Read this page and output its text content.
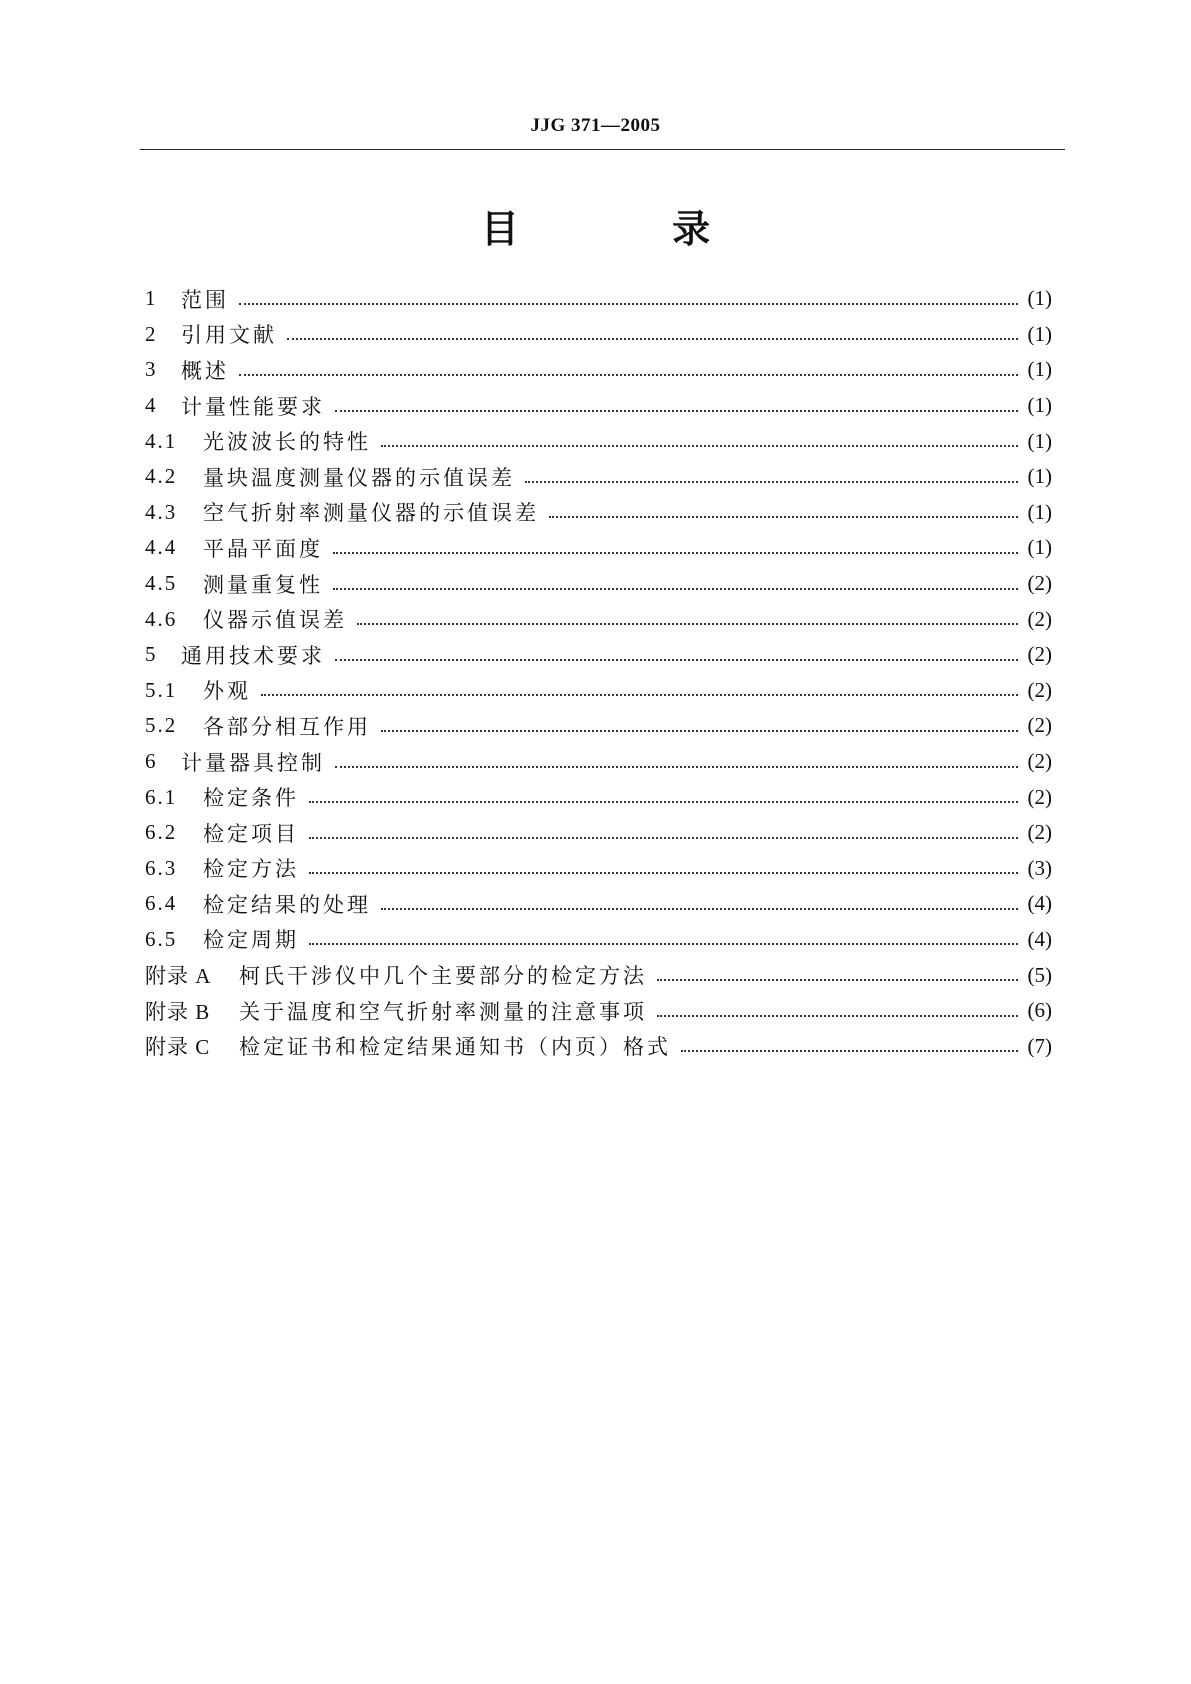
JJG 371—2005
目 录
1	范围	(1)
2	引用文献	(1)
3	概述	(1)
4	计量性能要求	(1)
4.1	光波波长的特性	(1)
4.2	量块温度测量仪器的示值误差	(1)
4.3	空气折射率测量仪器的示值误差	(1)
4.4	平晶平面度	(1)
4.5	测量重复性	(2)
4.6	仪器示值误差	(2)
5	通用技术要求	(2)
5.1	外观	(2)
5.2	各部分相互作用	(2)
6	计量器具控制	(2)
6.1	检定条件	(2)
6.2	检定项目	(2)
6.3	检定方法	(3)
6.4	检定结果的处理	(4)
6.5	检定周期	(4)
附录 A	柯氏干涉仪中几个主要部分的检定方法	(5)
附录 B	关于温度和空气折射率测量的注意事项	(6)
附录 C	检定证书和检定结果通知书（内页）格式	(7)
